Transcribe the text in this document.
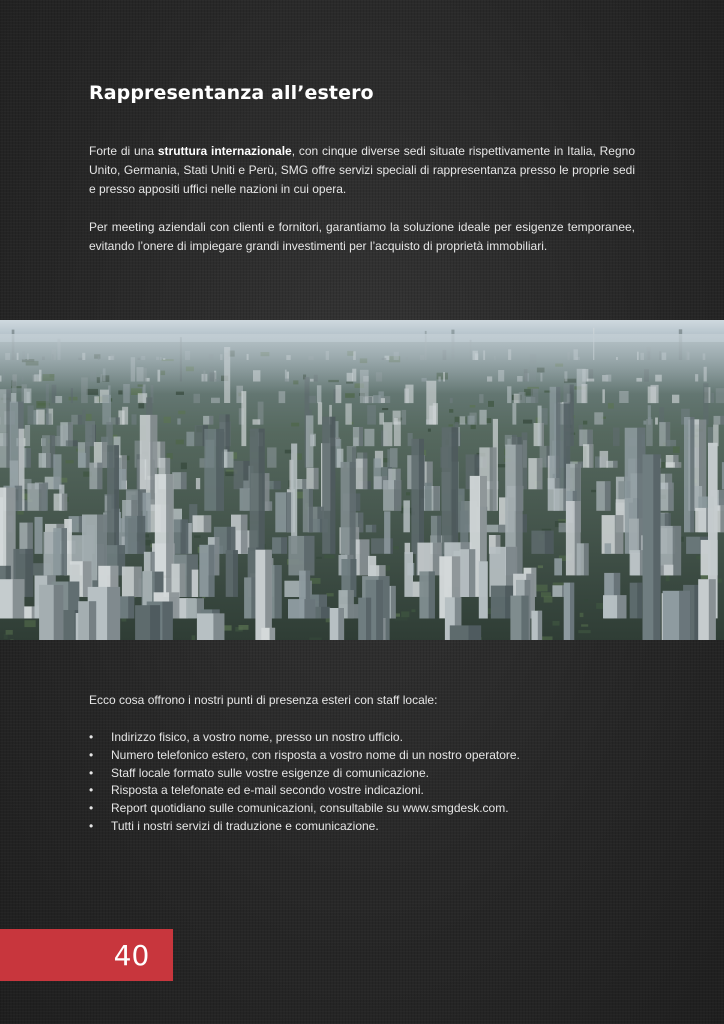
Rappresentanza all’estero

Forte di una struttura internazionale, con cinque diverse sedi situate rispettivamente in Italia, Regno Unito, Germania, Stati Uniti e Perù, SMG offre servizi speciali di rappresentanza presso le proprie sedi e presso appositi uffici nelle nazioni in cui opera.

Per meeting aziendali con clienti e fornitori, garantiamo la soluzione ideale per esigenze temporanee, evitando l’onere di impiegare grandi investimenti per l’acquisto di proprietà immobiliari.

Ecco cosa offrono i nostri punti di presenza esteri con staff locale:

• Indirizzo fisico, a vostro nome, presso un nostro ufficio.
• Numero telefonico estero, con risposta a vostro nome di un nostro operatore.
• Staff locale formato sulle vostre esigenze di comunicazione.
• Risposta a telefonate ed e-mail secondo vostre indicazioni.
• Report quotidiano sulle comunicazioni, consultabile su www.smgdesk.com.
• Tutti i nostri servizi di traduzione e comunicazione.
40
